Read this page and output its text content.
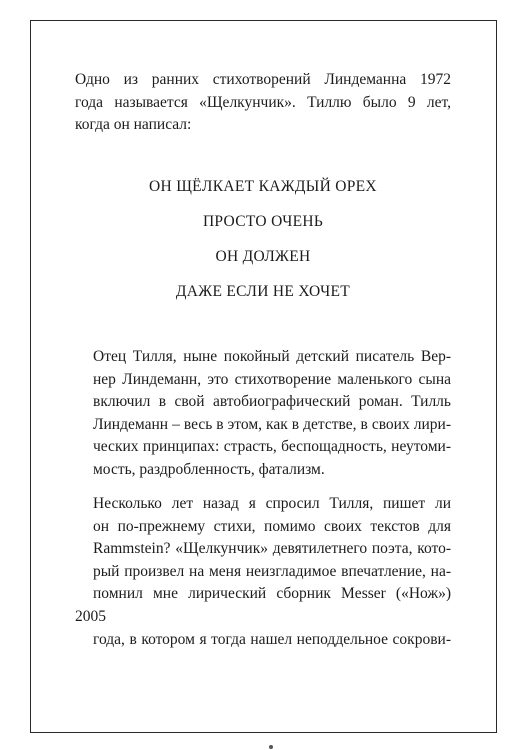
Одно из ранних стихотворений Линдеманна 1972
года называется «Щелкунчик». Тиллю было 9 лет,
когда он написал:

ОН ЩЁЛКАЕТ КАЖДЫЙ ОРЕХ
ПРОСТО ОЧЕНЬ
ОН ДОЛЖЕН
ДАЖЕ ЕСЛИ НЕ ХОЧЕТ

Отец Тилля, ныне покойный детский писатель Вер-
нер Линдеманн, это стихотворение маленького сына
включил в свой автобиографический роман. Тилль
Линдеманн – весь в этом, как в детстве, в своих лири-
ческих принципах: страсть, беспощадность, неутоми-
мость, раздробленность, фатализм.

Несколько лет назад я спросил Тилля, пишет ли
он по-прежнему стихи, помимо своих текстов для
Rammstein? «Щелкунчик» девятилетнего поэта, кото-
рый произвел на меня неизгладимое впечатление, на-
помнил мне лирический сборник Messer («Нож») 2005
года, в котором я тогда нашел неподдельное сокрови-
